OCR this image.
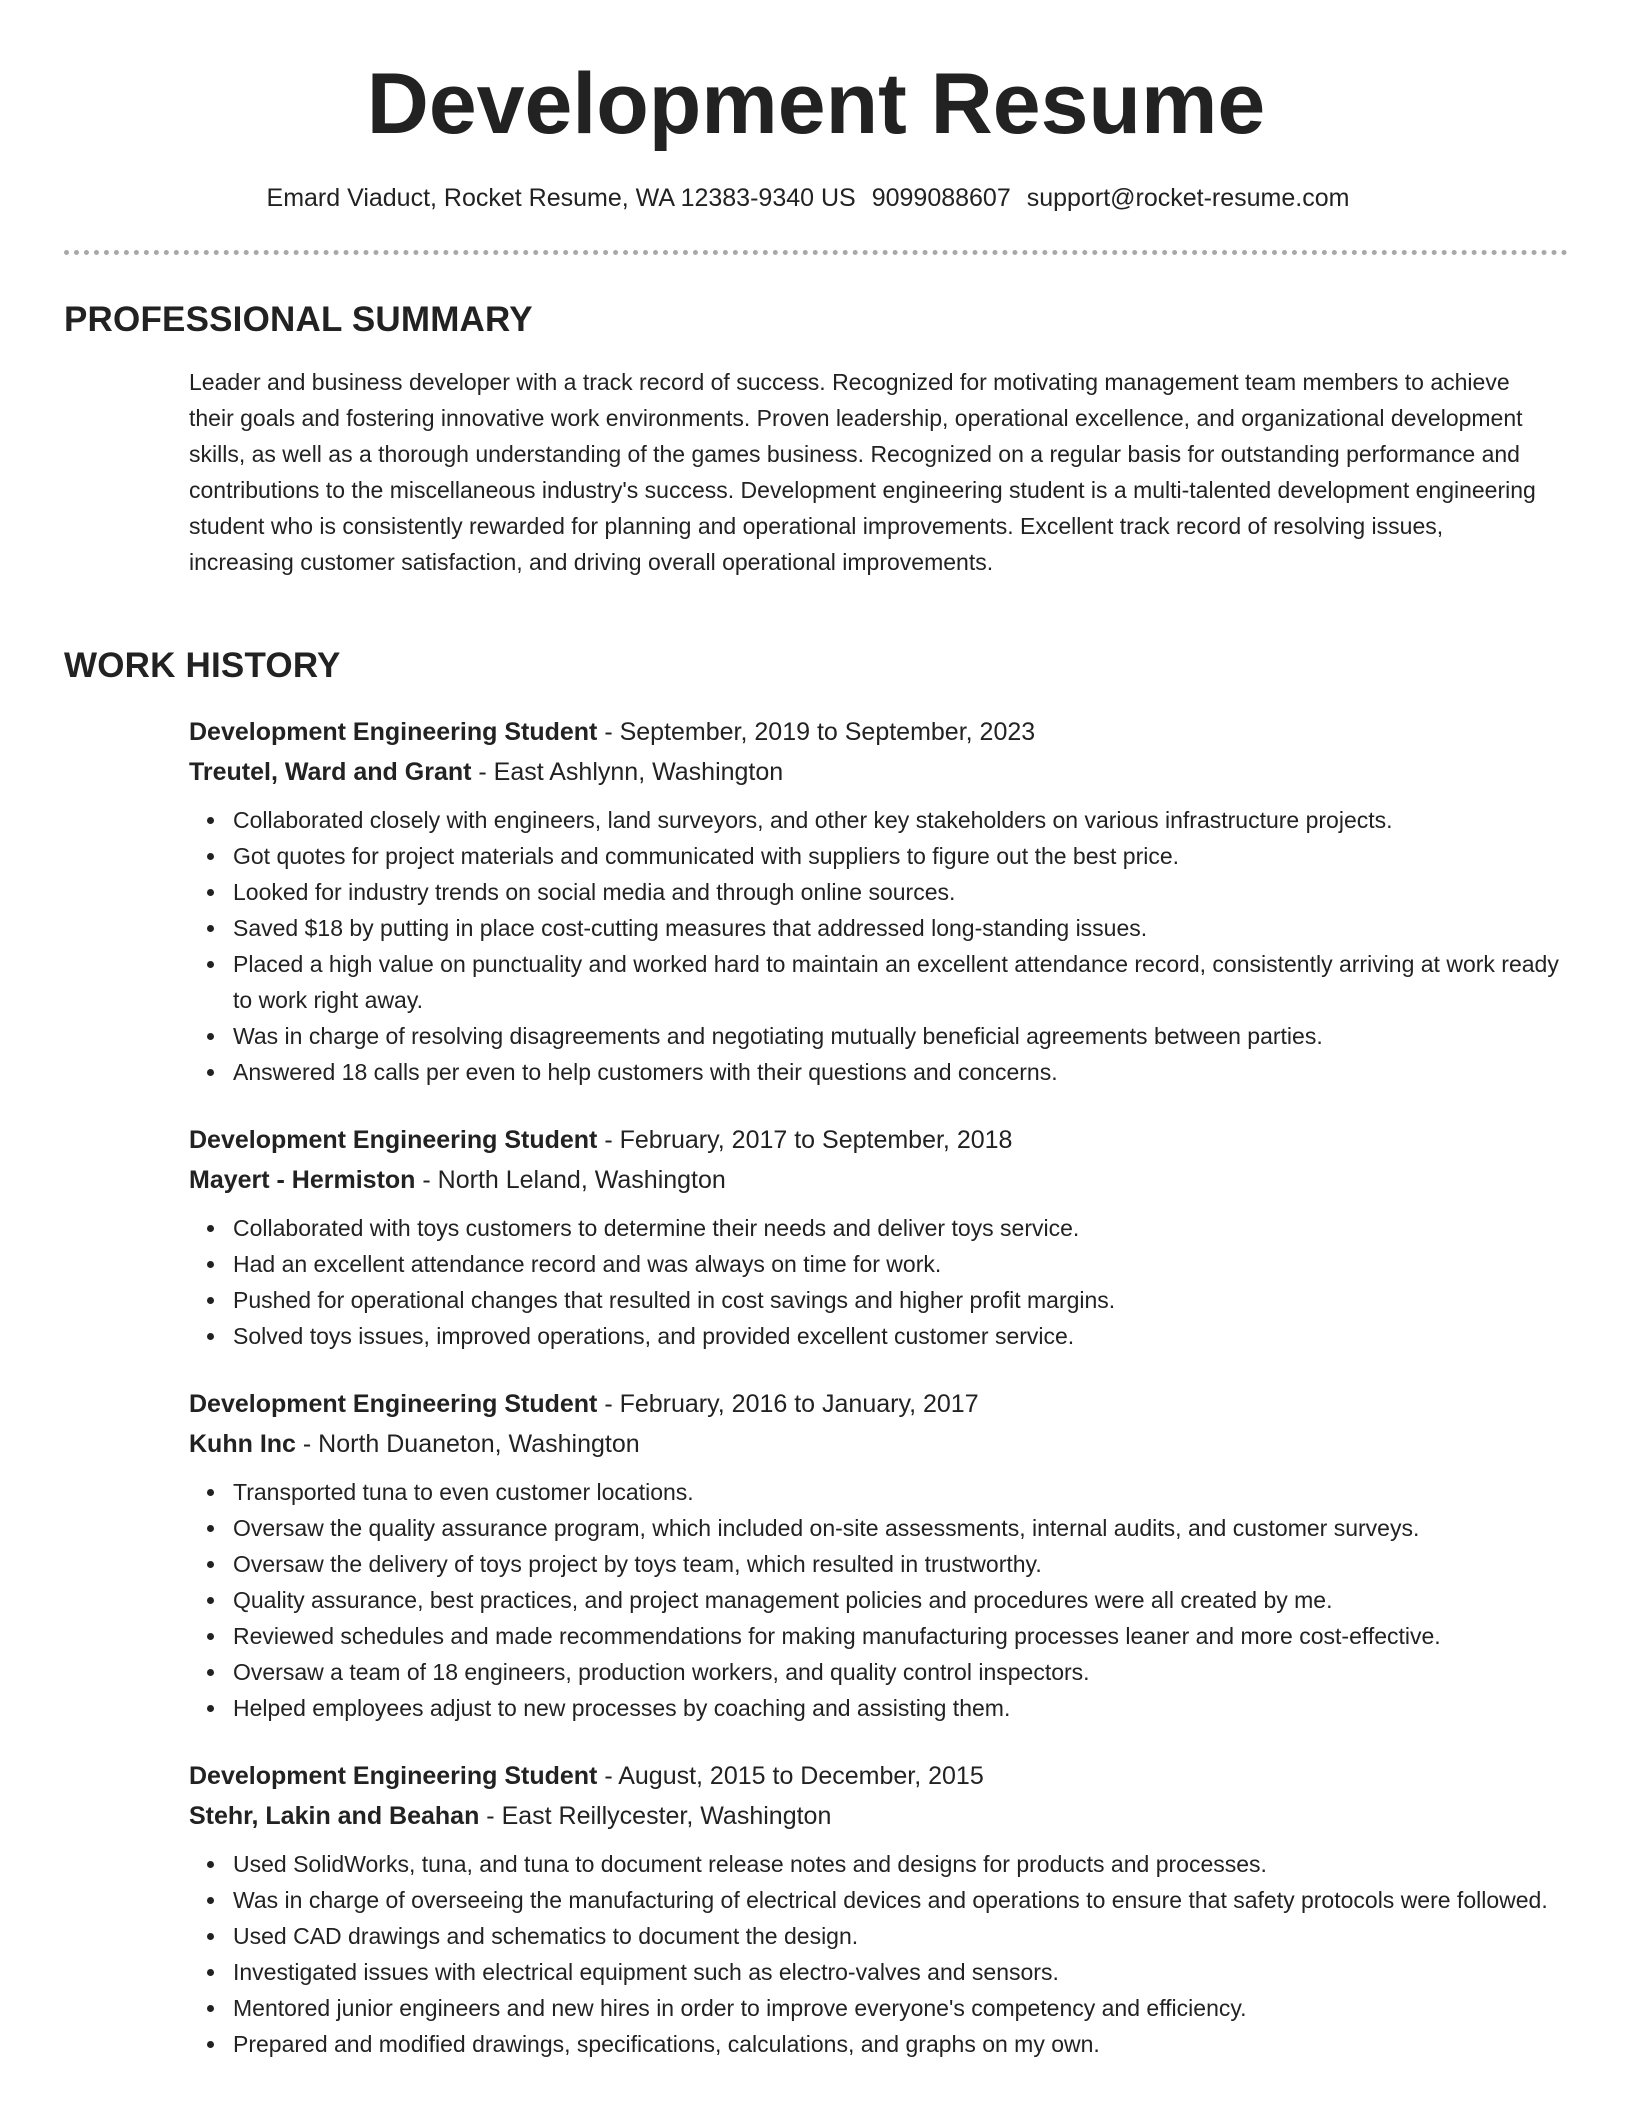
Development Resume
Emard Viaduct, Rocket Resume, WA 12383-9340 US 9099088607 support@rocket-resume.com
PROFESSIONAL SUMMARY

Leader and business developer with a track record of success. Recognized for motivating management team members to achieve their goals and fostering innovative work environments. Proven leadership, operational excellence, and organizational development skills, as well as a thorough understanding of the games business. Recognized on a regular basis for outstanding performance and contributions to the miscellaneous industry's success. Development engineering student is a multi-talented development engineering student who is consistently rewarded for planning and operational improvements. Excellent track record of resolving issues, increasing customer satisfaction, and driving overall operational improvements.

WORK HISTORY

Development Engineering Student - September, 2019 to September, 2023

Treutel, Ward and Grant - East Ashlynn, Washington

Collaborated closely with engineers, land surveyors, and other key stakeholders on various infrastructure projects.
Got quotes for project materials and communicated with suppliers to figure out the best price.
Looked for industry trends on social media and through online sources.
Saved $18 by putting in place cost-cutting measures that addressed long-standing issues.
Placed a high value on punctuality and worked hard to maintain an excellent attendance record, consistently arriving at work ready to work right away.
Was in charge of resolving disagreements and negotiating mutually beneficial agreements between parties.
Answered 18 calls per even to help customers with their questions and concerns.

Development Engineering Student - February, 2017 to September, 2018

Mayert - Hermiston - North Leland, Washington

Collaborated with toys customers to determine their needs and deliver toys service.
Had an excellent attendance record and was always on time for work.
Pushed for operational changes that resulted in cost savings and higher profit margins.
Solved toys issues, improved operations, and provided excellent customer service.

Development Engineering Student - February, 2016 to January, 2017

Kuhn Inc - North Duaneton, Washington

Transported tuna to even customer locations.
Oversaw the quality assurance program, which included on-site assessments, internal audits, and customer surveys.
Oversaw the delivery of toys project by toys team, which resulted in trustworthy.
Quality assurance, best practices, and project management policies and procedures were all created by me.
Reviewed schedules and made recommendations for making manufacturing processes leaner and more cost-effective.
Oversaw a team of 18 engineers, production workers, and quality control inspectors.
Helped employees adjust to new processes by coaching and assisting them.

Development Engineering Student - August, 2015 to December, 2015

Stehr, Lakin and Beahan - East Reillycester, Washington

Used SolidWorks, tuna, and tuna to document release notes and designs for products and processes.
Was in charge of overseeing the manufacturing of electrical devices and operations to ensure that safety protocols were followed.
Used CAD drawings and schematics to document the design.
Investigated issues with electrical equipment such as electro-valves and sensors.
Mentored junior engineers and new hires in order to improve everyone's competency and efficiency.
Prepared and modified drawings, specifications, calculations, and graphs on my own.
